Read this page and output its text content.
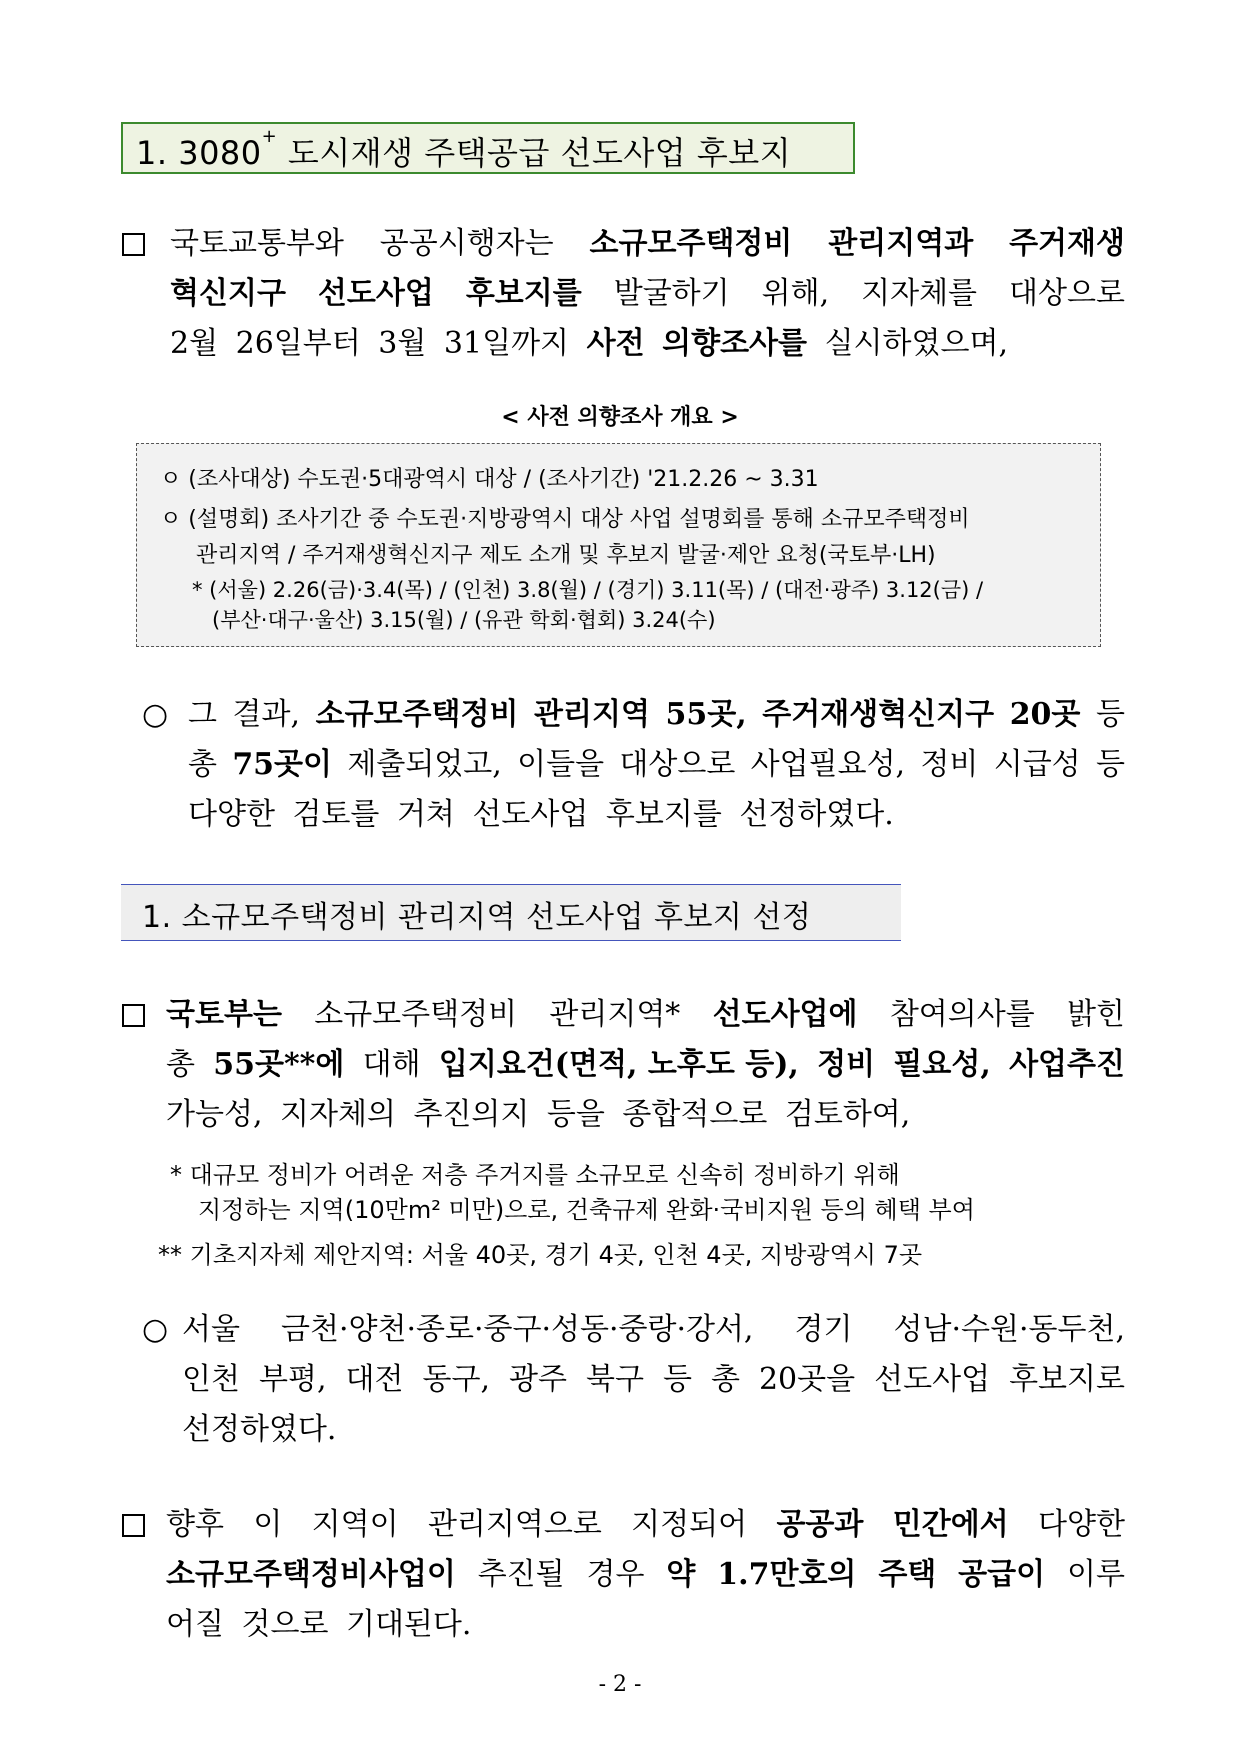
1. 3080+ 도시재생 주택공급 선도사업 후보지
국토교통부와 공공시행자는 소규모주택정비 관리지역과 주거재생
혁신지구 선도사업 후보지를 발굴하기 위해, 지자체를 대상으로
2월 26일부터 3월 31일까지 사전 의향조사를 실시하였으며,
< 사전 의향조사 개요 >
ㅇ (조사대상) 수도권·5대광역시 대상 / (조사기간) '21.2.26 ~ 3.31
ㅇ (설명회) 조사기간 중 수도권·지방광역시 대상 사업 설명회를 통해 소규모주택정비
관리지역 / 주거재생혁신지구 제도 소개 및 후보지 발굴·제안 요청(국토부·LH)
* (서울) 2.26(금)·3.4(목) / (인천) 3.8(월) / (경기) 3.11(목) / (대전·광주) 3.12(금) /
(부산·대구·울산) 3.15(월) / (유관 학회·협회) 3.24(수)
○ 그 결과, 소규모주택정비 관리지역 55곳, 주거재생혁신지구 20곳 등
총 75곳이 제출되었고, 이들을 대상으로 사업필요성, 정비 시급성 등
다양한 검토를 거쳐 선도사업 후보지를 선정하였다.
1. 소규모주택정비 관리지역 선도사업 후보지 선정
국토부는 소규모주택정비 관리지역* 선도사업에 참여의사를 밝힌
총 55곳**에 대해 입지요건(면적, 노후도 등), 정비 필요성, 사업추진
가능성, 지자체의 추진의지 등을 종합적으로 검토하여,
* 대규모 정비가 어려운 저층 주거지를 소규모로 신속히 정비하기 위해
지정하는 지역(10만m² 미만)으로, 건축규제 완화·국비지원 등의 혜택 부여
** 기초지자체 제안지역: 서울 40곳, 경기 4곳, 인천 4곳, 지방광역시 7곳
○ 서울 금천·양천·종로·중구·성동·중랑·강서, 경기 성남·수원·동두천,
인천 부평, 대전 동구, 광주 북구 등 총 20곳을 선도사업 후보지로
선정하였다.
향후 이 지역이 관리지역으로 지정되어 공공과 민간에서 다양한
소규모주택정비사업이 추진될 경우 약 1.7만호의 주택 공급이 이루
어질 것으로 기대된다.
- 2 -
